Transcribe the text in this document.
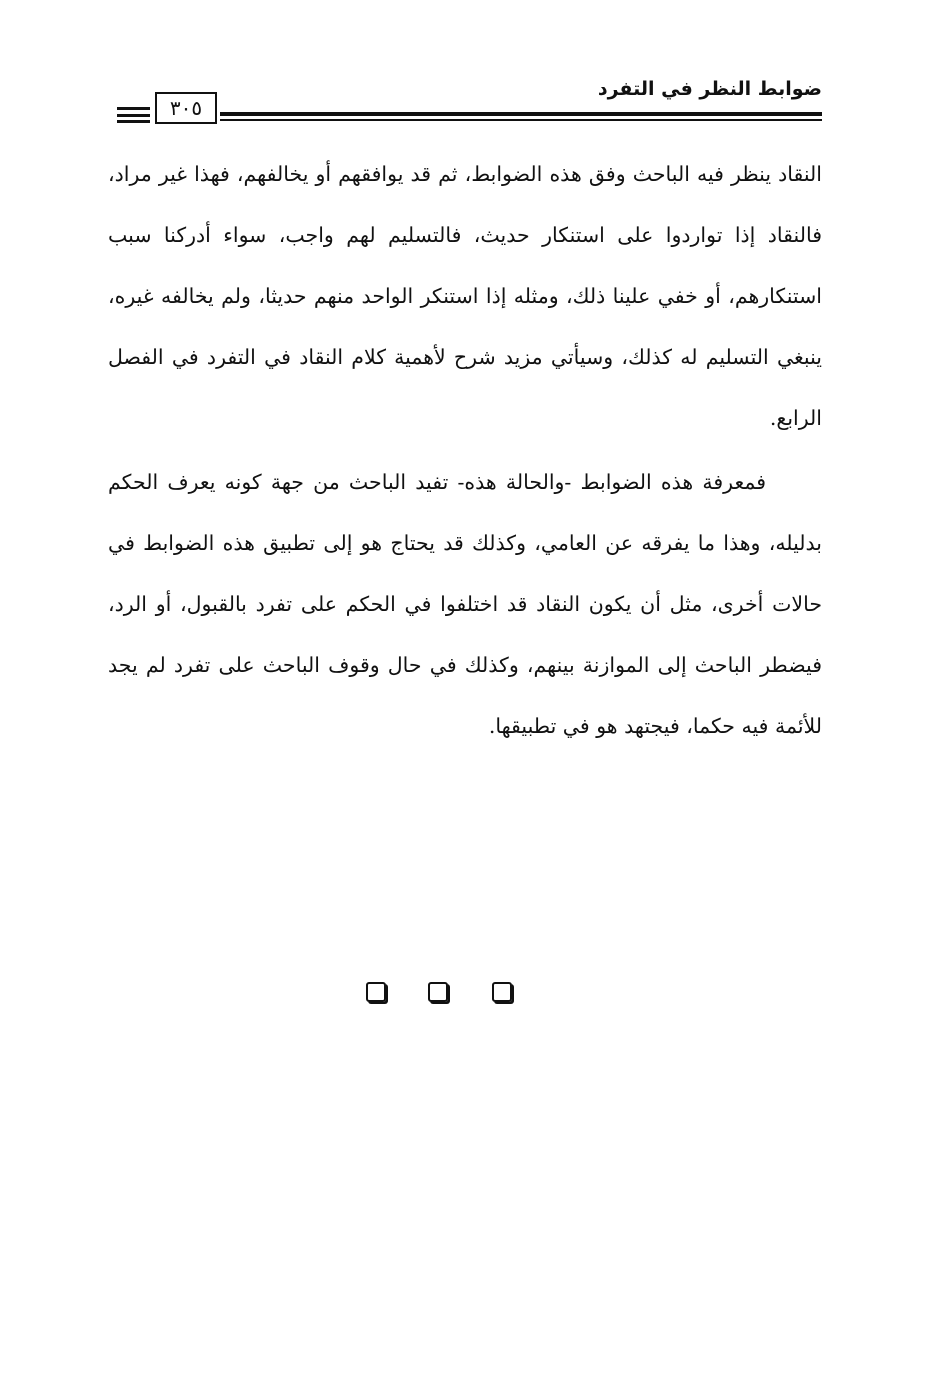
ضوابط النظر في التفرد
٣٠٥
النقاد ينظر فيه الباحث وفق هذه الضوابط، ثم قد يوافقهم أو يخالفهم، فهذا غير مراد، فالنقاد إذا تواردوا على استنكار حديث، فالتسليم لهم واجب، سواء أدركنا سبب استنكارهم، أو خفي علينا ذلك، ومثله إذا استنكر الواحد منهم حديثا، ولم يخالفه غيره، ينبغي التسليم له كذلك، وسيأتي مزيد شرح لأهمية كلام النقاد في التفرد في الفصل الرابع.
فمعرفة هذه الضوابط -والحالة هذه- تفيد الباحث من جهة كونه يعرف الحكم بدليله، وهذا ما يفرقه عن العامي، وكذلك قد يحتاج هو إلى تطبيق هذه الضوابط في حالات أخرى، مثل أن يكون النقاد قد اختلفوا في الحكم على تفرد بالقبول، أو الرد، فيضطر الباحث إلى الموازنة بينهم، وكذلك في حال وقوف الباحث على تفرد لم يجد للأئمة فيه حكما، فيجتهد هو في تطبيقها.
